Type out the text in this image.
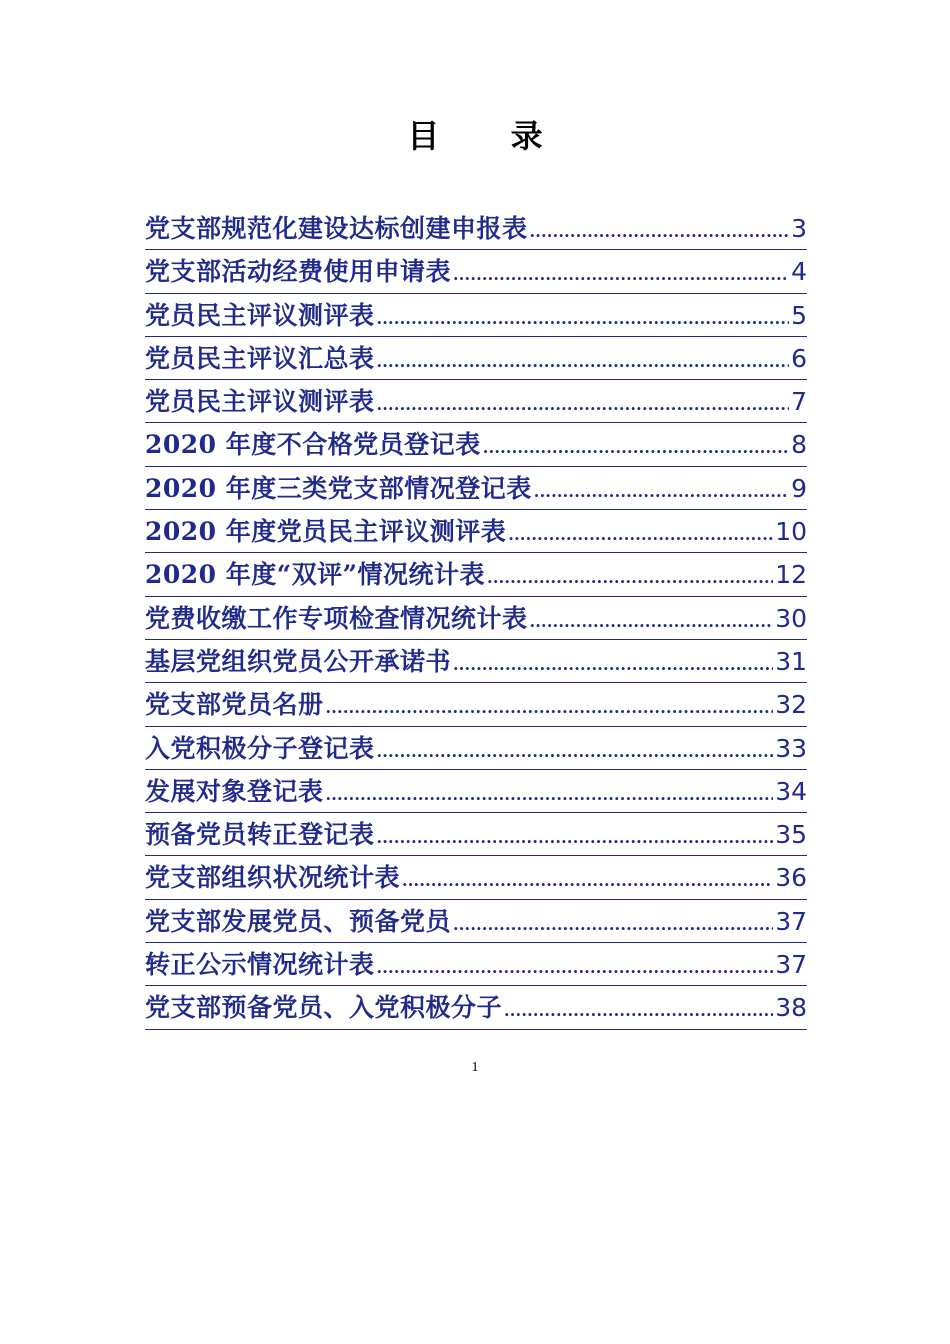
目 录
党支部规范化建设达标创建申报表 .....	3
党支部活动经费使用申请表 .....	4
党员民主评议测评表 .....	5
党员民主评议汇总表 .....	6
党员民主评议测评表 .....	7
2020 年度不合格党员登记表 .....	8
2020 年度三类党支部情况登记表 .....	9
2020 年度党员民主评议测评表 .....	10
2020 年度“双评”情况统计表 .....	12
党费收缴工作专项检查情况统计表 .....	30
基层党组织党员公开承诺书 .....	31
党支部党员名册 .....	32
入党积极分子登记表 .....	33
发展对象登记表 .....	34
预备党员转正登记表 .....	35
党支部组织状况统计表 .....	36
党支部发展党员、预备党员 .....	37
转正公示情况统计表 .....	37
党支部预备党员、入党积极分子 .....	38
1
